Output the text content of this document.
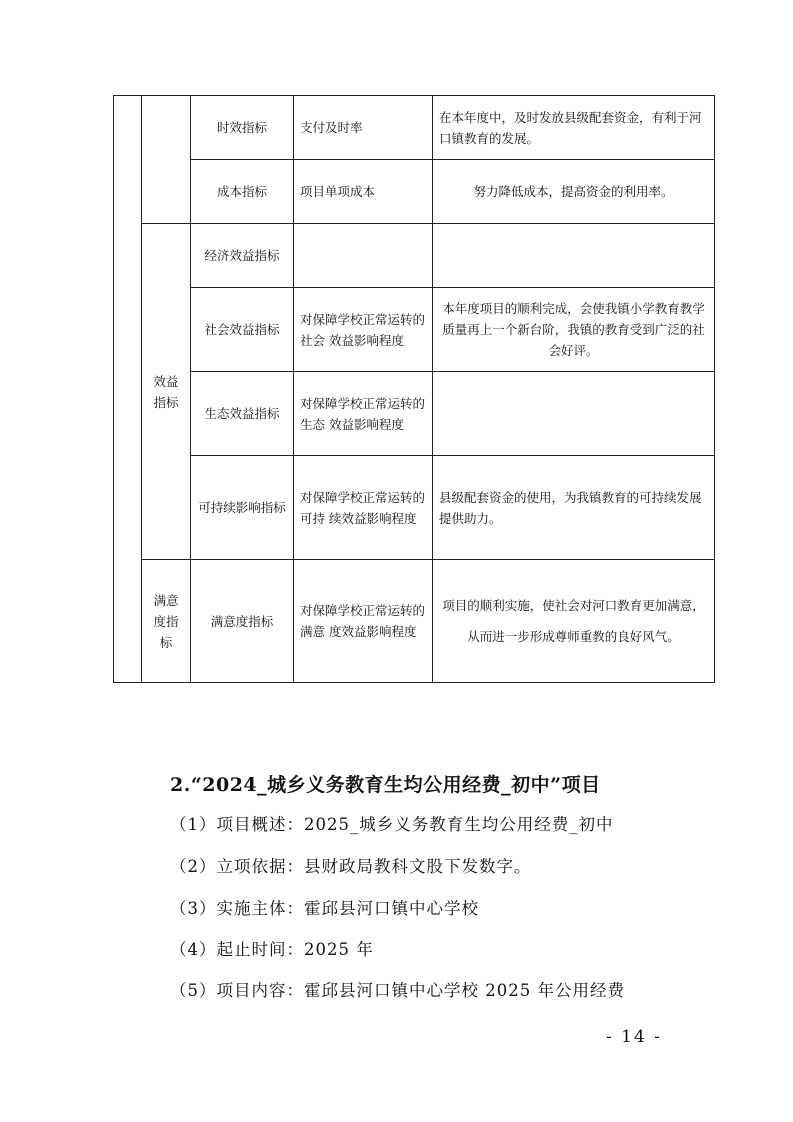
		时效指标	支付及时率	在本年度中，及时发放县级配套资金，有利于河口镇教育的发展。
		成本指标	项目单项成本	努力降低成本，提高资金的利用率。
	效益指标	经济效益指标		
		社会效益指标	对保障学校正常运转的社会 效益影响程度	本年度项目的顺利完成，会使我镇小学教育教学质量再上一个新台阶，我镇的教育受到广泛的社会好评。
		生态效益指标	对保障学校正常运转的生态 效益影响程度	
		可持续影响指标	对保障学校正常运转的可持 续效益影响程度	县级配套资金的使用，为我镇教育的可持续发展提供助力。
	满意度指标	满意度指标	对保障学校正常运转的满意 度效益影响程度	项目的顺利实施，使社会对河口教育更加满意，
从而进一步形成尊师重教的良好风气。
2.“2024_城乡义务教育生均公用经费_初中”项目
（1）项目概述：2025_城乡义务教育生均公用经费_初中
（2）立项依据：县财政局教科文股下发数字。
（3）实施主体：霍邱县河口镇中心学校
（4）起止时间：2025 年
（5）项目内容：霍邱县河口镇中心学校 2025 年公用经费
- 14 -
